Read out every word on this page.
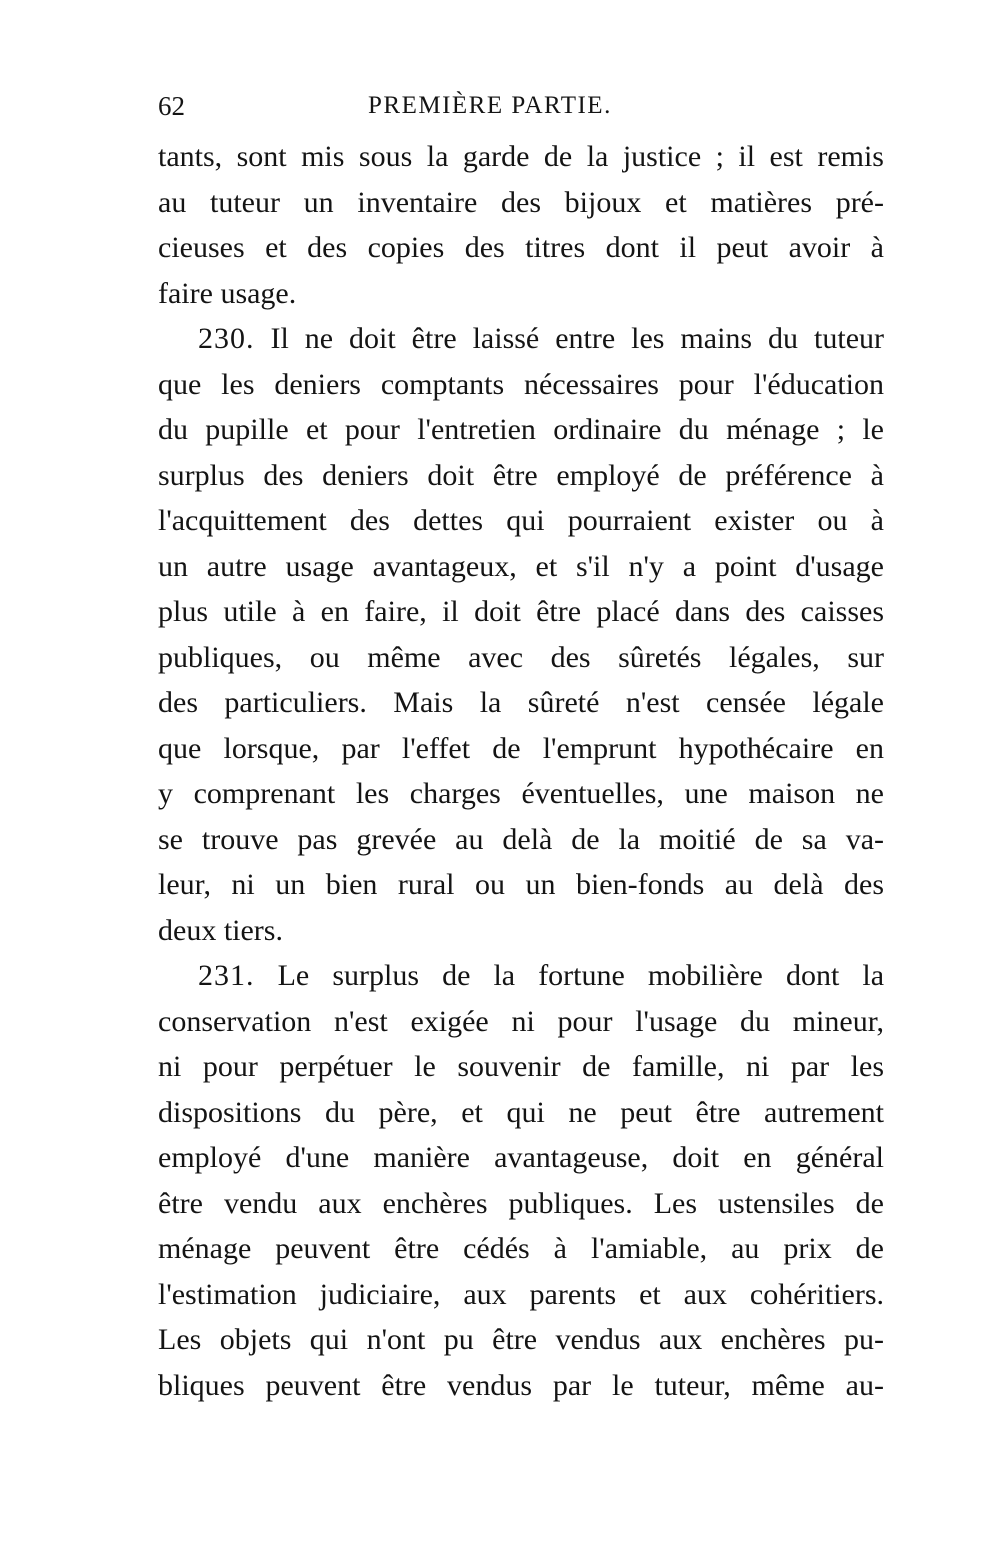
62	PREMIÈRE PARTIE.
tants, sont mis sous la garde de la justice ; il est remis
au tuteur un inventaire des bijoux et matières pré-
cieuses et des copies des titres dont il peut avoir à
faire usage.
230. Il ne doit être laissé entre les mains du tuteur
que les deniers comptants nécessaires pour l'éducation
du pupille et pour l'entretien ordinaire du ménage ; le
surplus des deniers doit être employé de préférence à
l'acquittement des dettes qui pourraient exister ou à
un autre usage avantageux, et s'il n'y a point d'usage
plus utile à en faire, il doit être placé dans des caisses
publiques, ou même avec des sûretés légales, sur
des particuliers. Mais la sûreté n'est censée légale
que lorsque, par l'effet de l'emprunt hypothécaire en
y comprenant les charges éventuelles, une maison ne
se trouve pas grevée au delà de la moitié de sa va-
leur, ni un bien rural ou un bien-fonds au delà des
deux tiers.
231. Le surplus de la fortune mobilière dont la
conservation n'est exigée ni pour l'usage du mineur,
ni pour perpétuer le souvenir de famille, ni par les
dispositions du père, et qui ne peut être autrement
employé d'une manière avantageuse, doit en général
être vendu aux enchères publiques. Les ustensiles de
ménage peuvent être cédés à l'amiable, au prix de
l'estimation judiciaire, aux parents et aux cohéritiers.
Les objets qui n'ont pu être vendus aux enchères pu-
bliques peuvent être vendus par le tuteur, même au-
